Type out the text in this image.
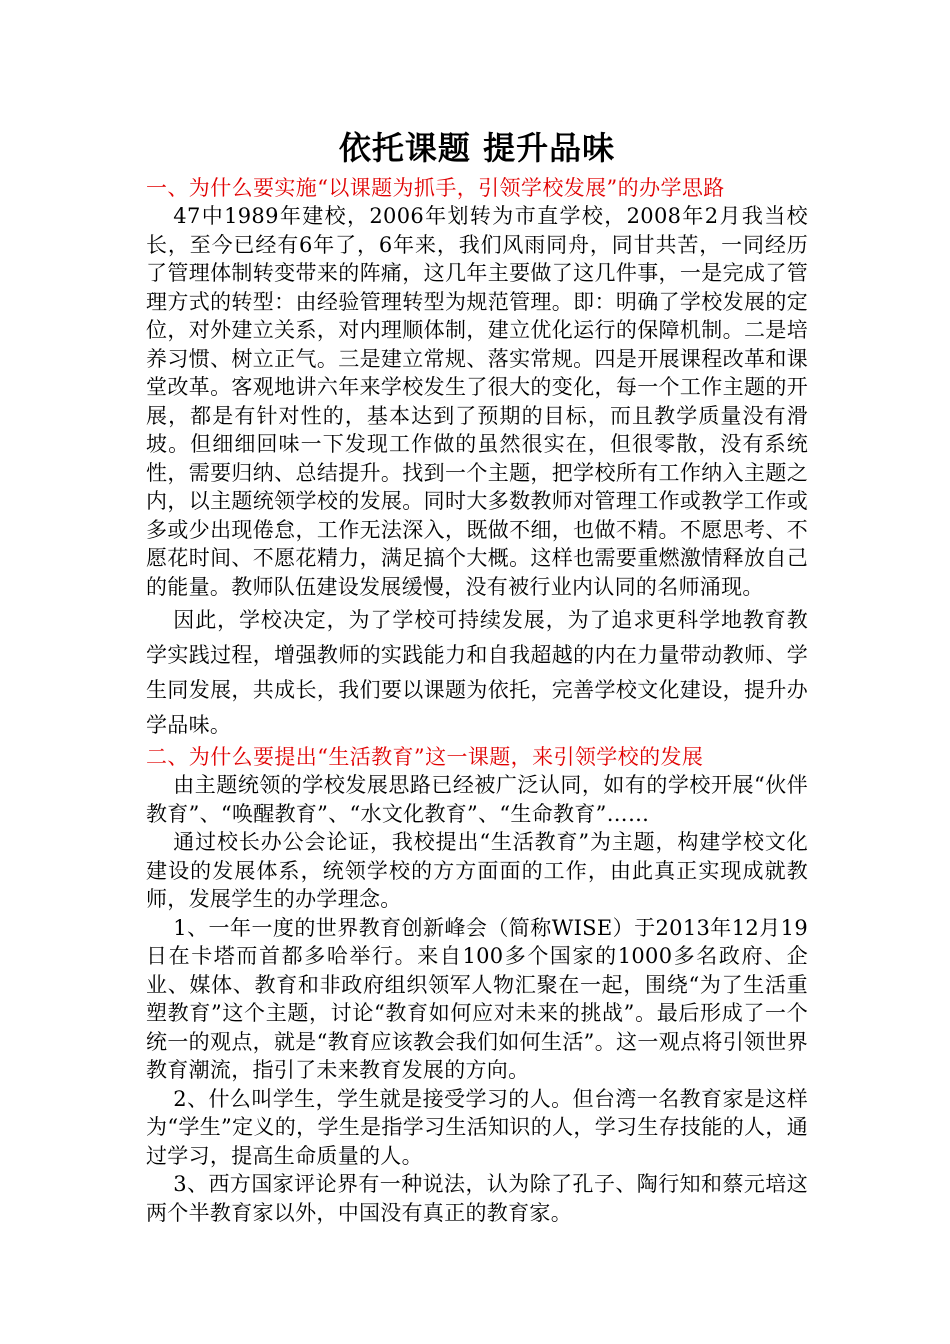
依托课题 提升品味

一、为什么要实施“以课题为抓手，引领学校发展”的办学思路

47中1989年建校，2006年划转为市直学校，2008年2月我当校长，至今已经有6年了，6年来，我们风雨同舟，同甘共苦，一同经历了管理体制转变带来的阵痛，这几年主要做了这几件事，一是完成了管理方式的转型：由经验管理转型为规范管理。即：明确了学校发展的定位，对外建立关系，对内理顺体制，建立优化运行的保障机制。二是培养习惯、树立正气。三是建立常规、落实常规。四是开展课程改革和课堂改革。客观地讲六年来学校发生了很大的变化，每一个工作主题的开展，都是有针对性的，基本达到了预期的目标，而且教学质量没有滑坡。但细细回味一下发现工作做的虽然很实在，但很零散，没有系统性，需要归纳、总结提升。找到一个主题，把学校所有工作纳入主题之内，以主题统领学校的发展。同时大多数教师对管理工作或教学工作或多或少出现倦怠，工作无法深入，既做不细，也做不精。不愿思考、不愿花时间、不愿花精力，满足搞个大概。这样也需要重燃激情释放自己的能量。教师队伍建设发展缓慢，没有被行业内认同的名师涌现。

因此，学校决定，为了学校可持续发展，为了追求更科学地教育教学实践过程，增强教师的实践能力和自我超越的内在力量带动教师、学生同发展，共成长，我们要以课题为依托，完善学校文化建设，提升办学品味。

二、为什么要提出“生活教育”这一课题，来引领学校的发展

由主题统领的学校发展思路已经被广泛认同，如有的学校开展“伙伴教育”、“唤醒教育”、“水文化教育”、“生命教育”……

通过校长办公会论证，我校提出“生活教育”为主题，构建学校文化建设的发展体系，统领学校的方方面面的工作，由此真正实现成就教师，发展学生的办学理念。

1、一年一度的世界教育创新峰会（简称WISE）于2013年12月19日在卡塔而首都多哈举行。来自100多个国家的1000多名政府、企业、媒体、教育和非政府组织领军人物汇聚在一起，围绕“为了生活重塑教育”这个主题，讨论“教育如何应对未来的挑战”。最后形成了一个统一的观点，就是“教育应该教会我们如何生活”。这一观点将引领世界教育潮流，指引了未来教育发展的方向。

2、什么叫学生，学生就是接受学习的人。但台湾一名教育家是这样为“学生”定义的，学生是指学习生活知识的人，学习生存技能的人，通过学习，提高生命质量的人。

3、西方国家评论界有一种说法，认为除了孔子、陶行知和蔡元培这两个半教育家以外，中国没有真正的教育家。
